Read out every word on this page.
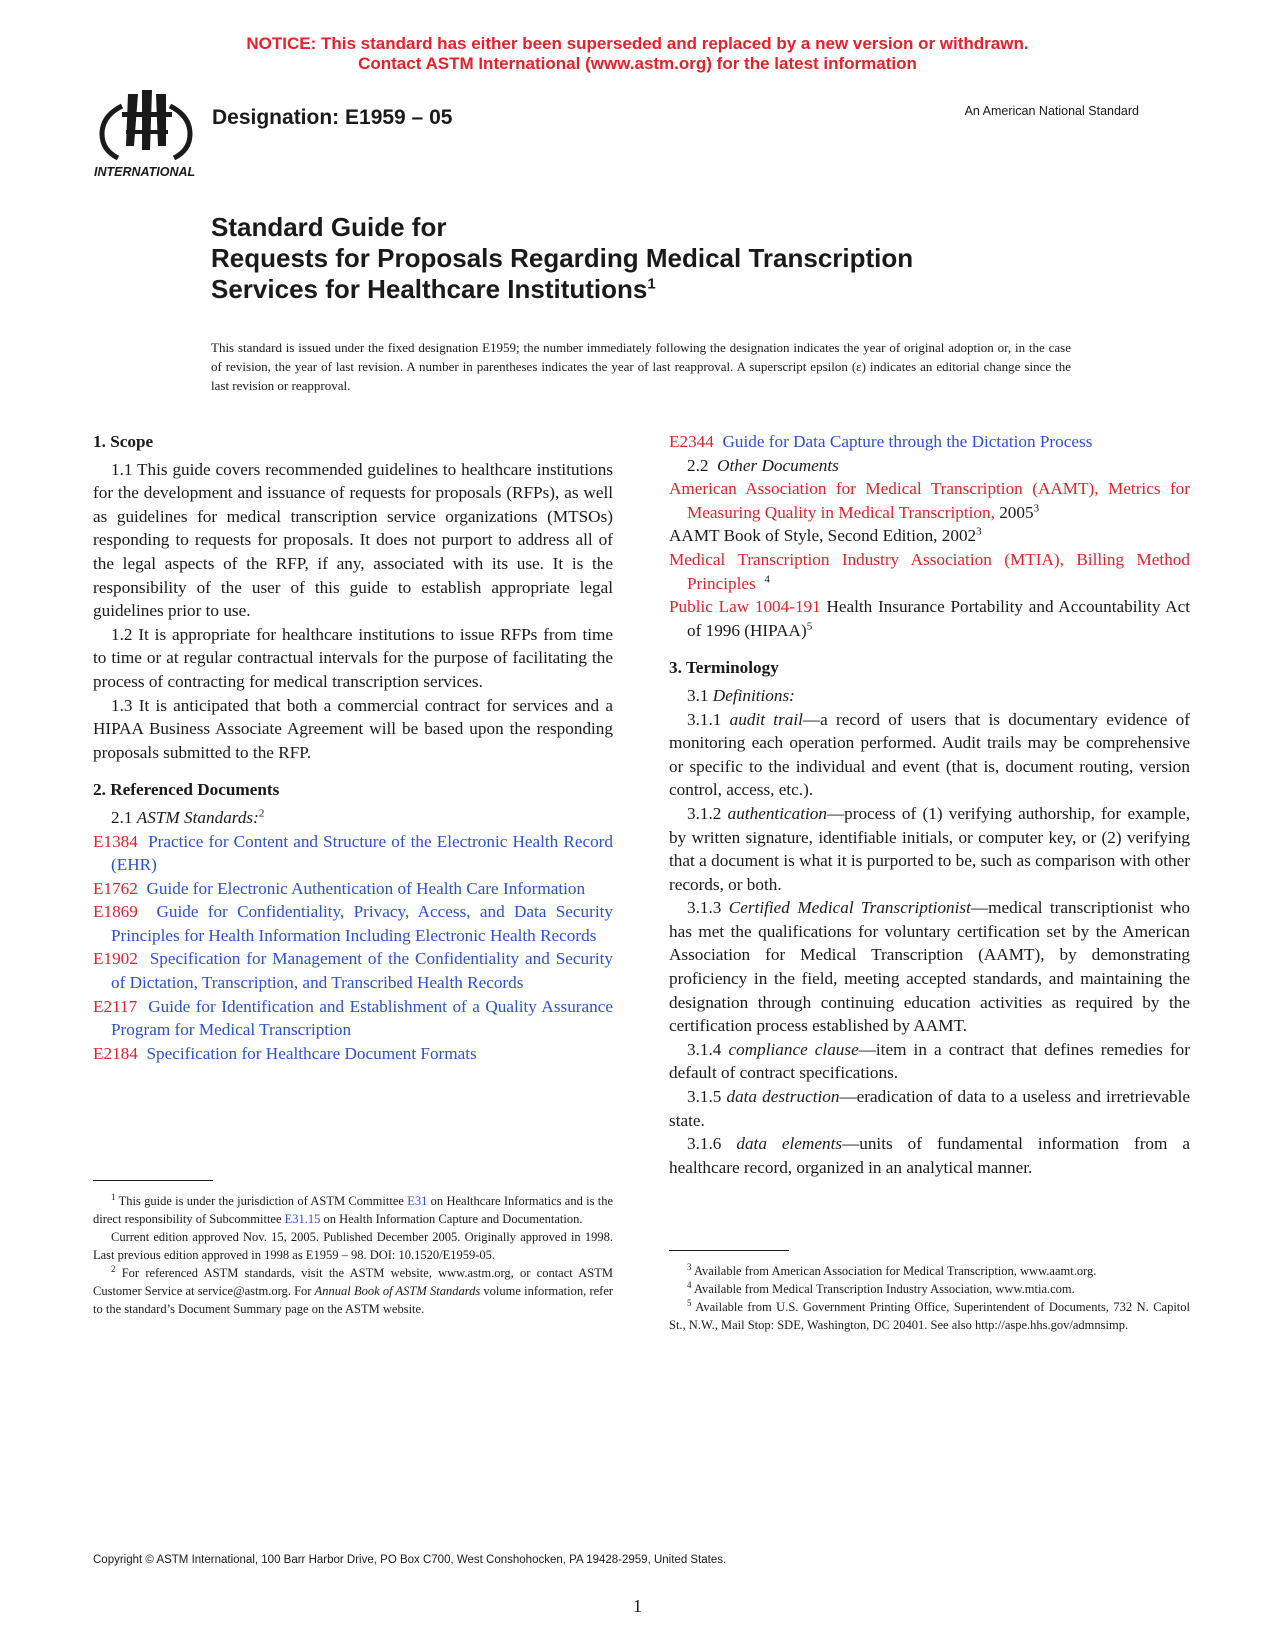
NOTICE: This standard has either been superseded and replaced by a new version or withdrawn.
Contact ASTM International (www.astm.org) for the latest information
INTERNATIONAL
Designation: E1959 – 05	An American National Standard
Standard Guide for
Requests for Proposals Regarding Medical Transcription
Services for Healthcare Institutions$^1$
This standard is issued under the fixed designation E1959; the number immediately following the designation indicates the year of original adoption or, in the case of revision, the year of last revision. A number in parentheses indicates the year of last reapproval. A superscript epsilon (ε) indicates an editorial change since the last revision or reapproval.
1. Scope

1.1 This guide covers recommended guidelines to healthcare institutions for the development and issuance of requests for proposals (RFPs), as well as guidelines for medical transcription service organizations (MTSOs) responding to requests for proposals. It does not purport to address all of the legal aspects of the RFP, if any, associated with its use. It is the responsibility of the user of this guide to establish appropriate legal guidelines prior to use.

1.2 It is appropriate for healthcare institutions to issue RFPs from time to time or at regular contractual intervals for the purpose of facilitating the process of contracting for medical transcription services.

1.3 It is anticipated that both a commercial contract for services and a HIPAA Business Associate Agreement will be based upon the responding proposals submitted to the RFP.

2. Referenced Documents

2.1 ASTM Standards:$^2$

E1384 Practice for Content and Structure of the Electronic Health Record (EHR)
E1762 Guide for Electronic Authentication of Health Care Information
E1869 Guide for Confidentiality, Privacy, Access, and Data Security Principles for Health Information Including Electronic Health Records
E1902 Specification for Management of the Confidentiality and Security of Dictation, Transcription, and Transcribed Health Records
E2117 Guide for Identification and Establishment of a Quality Assurance Program for Medical Transcription
E2184 Specification for Healthcare Document Formats
E2344 Guide for Data Capture through the Dictation Process

2.2 Other Documents

American Association for Medical Transcription (AAMT), Metrics for Measuring Quality in Medical Transcription, 2005$^3$
AAMT Book of Style, Second Edition, 2002$^3$
Medical Transcription Industry Association (MTIA), Billing Method Principles $^4$
Public Law 1004-191 Health Insurance Portability and Accountability Act of 1996 (HIPAA)$^5$
3. Terminology

3.1 Definitions:

3.1.1 audit trail—a record of users that is documentary evidence of monitoring each operation performed. Audit trails may be comprehensive or specific to the individual and event (that is, document routing, version control, access, etc.).

3.1.2 authentication—process of (1) verifying authorship, for example, by written signature, identifiable initials, or computer key, or (2) verifying that a document is what it is purported to be, such as comparison with other records, or both.

3.1.3 Certified Medical Transcriptionist—medical transcriptionist who has met the qualifications for voluntary certification set by the American Association for Medical Transcription (AAMT), by demonstrating proficiency in the field, meeting accepted standards, and maintaining the designation through continuing education activities as required by the certification process established by AAMT.

3.1.4 compliance clause—item in a contract that defines remedies for default of contract specifications.

3.1.5 data destruction—eradication of data to a useless and irretrievable state.

3.1.6 data elements—units of fundamental information from a healthcare record, organized in an analytical manner.

$^1$ This guide is under the jurisdiction of ASTM Committee E31 on Healthcare Informatics and is the direct responsibility of Subcommittee E31.15 on Health Information Capture and Documentation.

Current edition approved Nov. 15, 2005. Published December 2005. Originally approved in 1998. Last previous edition approved in 1998 as E1959 – 98. DOI: 10.1520/E1959-05.

$^2$ For referenced ASTM standards, visit the ASTM website, www.astm.org, or contact ASTM Customer Service at service@astm.org. For Annual Book of ASTM Standards volume information, refer to the standard’s Document Summary page on the ASTM website.

$^3$ Available from American Association for Medical Transcription, www.aamt.org.

$^4$ Available from Medical Transcription Industry Association, www.mtia.com.

$^5$ Available from U.S. Government Printing Office, Superintendent of Documents, 732 N. Capitol St., N.W., Mail Stop: SDE, Washington, DC 20401. See also http://aspe.hhs.gov/admnsimp.

Copyright © ASTM International, 100 Barr Harbor Drive, PO Box C700, West Conshohocken, PA 19428-2959, United States.
1
